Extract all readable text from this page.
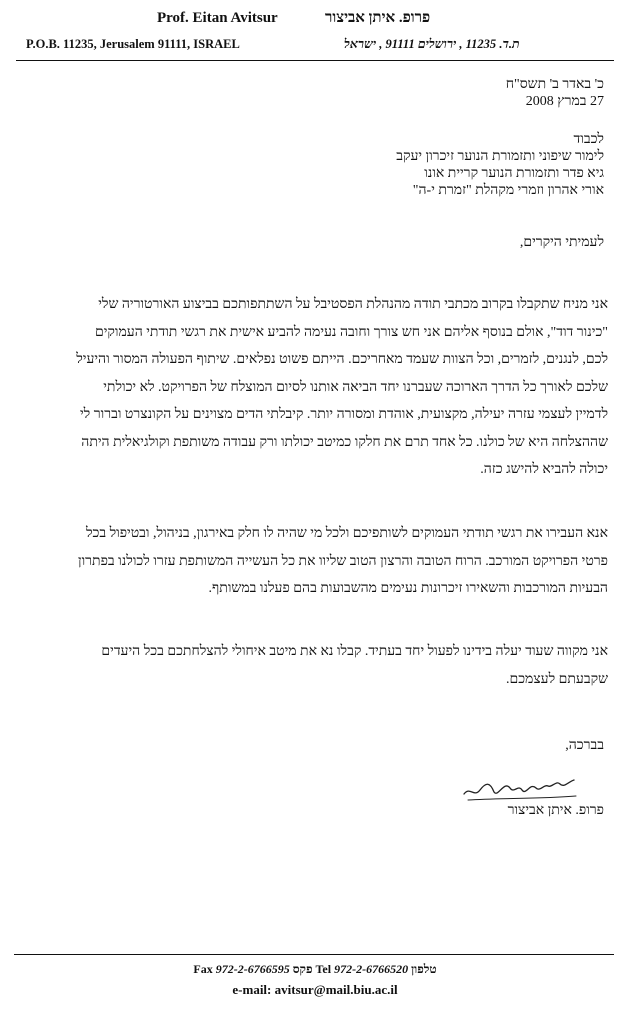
Prof. Eitan Avitsur	פרופ. איתן אביצור
P.O.B. 11235, Jerusalem 91111, ISRAEL	ת.ד. 11235 , ירושלים 91111 , ישראל
כ' באדר ב' תשס"ח
27 במרץ 2008
לכבוד
לימור שיפוני ותזמורת הנוער זיכרון יעקב
גיא פדר ותזמורת הנוער קריית אונו
אורי אהרון וזמרי מקהלת "זמרת י-ה"
לעמיתי היקרים,
אני מניח שתקבלו בקרוב מכתבי תודה מהנהלת הפסטיבל על השתתפותכם בביצוע האורטוריה שלי
"כינור דוד", אולם בנוסף אליהם אני חש צורך וחובה נעימה להביע אישית את רגשי תודתי העמוקים
לכם, לנגנים, לזמרים, וכל הצוות שעמד מאחריכם. הייתם פשוט נפלאים. שיתוף הפעולה המסור והיעיל
שלכם לאורך כל הדרך הארוכה שעברנו יחד הביאה אותנו לסיום המוצלח של הפרויקט. לא יכולתי
לדמיין לעצמי עזרה יעילה, מקצועית, אוהדת ומסורה יותר. קיבלתי הדים מצוינים על הקונצרט וברור לי
שההצלחה היא של כולנו. כל אחד תרם את חלקו כמיטב יכולתו ורק עבודה משותפת וקולגיאלית היתה
יכולה להביא להישג כזה.
אנא העבירו את רגשי תודתי העמוקים לשותפיכם ולכל מי שהיה לו חלק באירגון, בניהול, ובטיפול בכל
פרטי הפרויקט המורכב. הרוח הטובה והרצון הטוב שליוו את כל העשייה המשותפת עזרו לכולנו בפתרון
הבעיות המורכבות והשאירו זיכרונות נעימים מהשבועות בהם פעלנו במשותף.
אני מקווה שעוד יעלה בידינו לפעול יחד בעתיד. קבלו נא את מיטב איחולי להצלחתכם בכל היעדים
שקבעתם לעצמכם.
בברכה,
פרופ. איתן אביצור
Fax 972-2-6766595 פקס Tel 972-2-6766520 טלפון
e-mail: avitsur@mail.biu.ac.il
